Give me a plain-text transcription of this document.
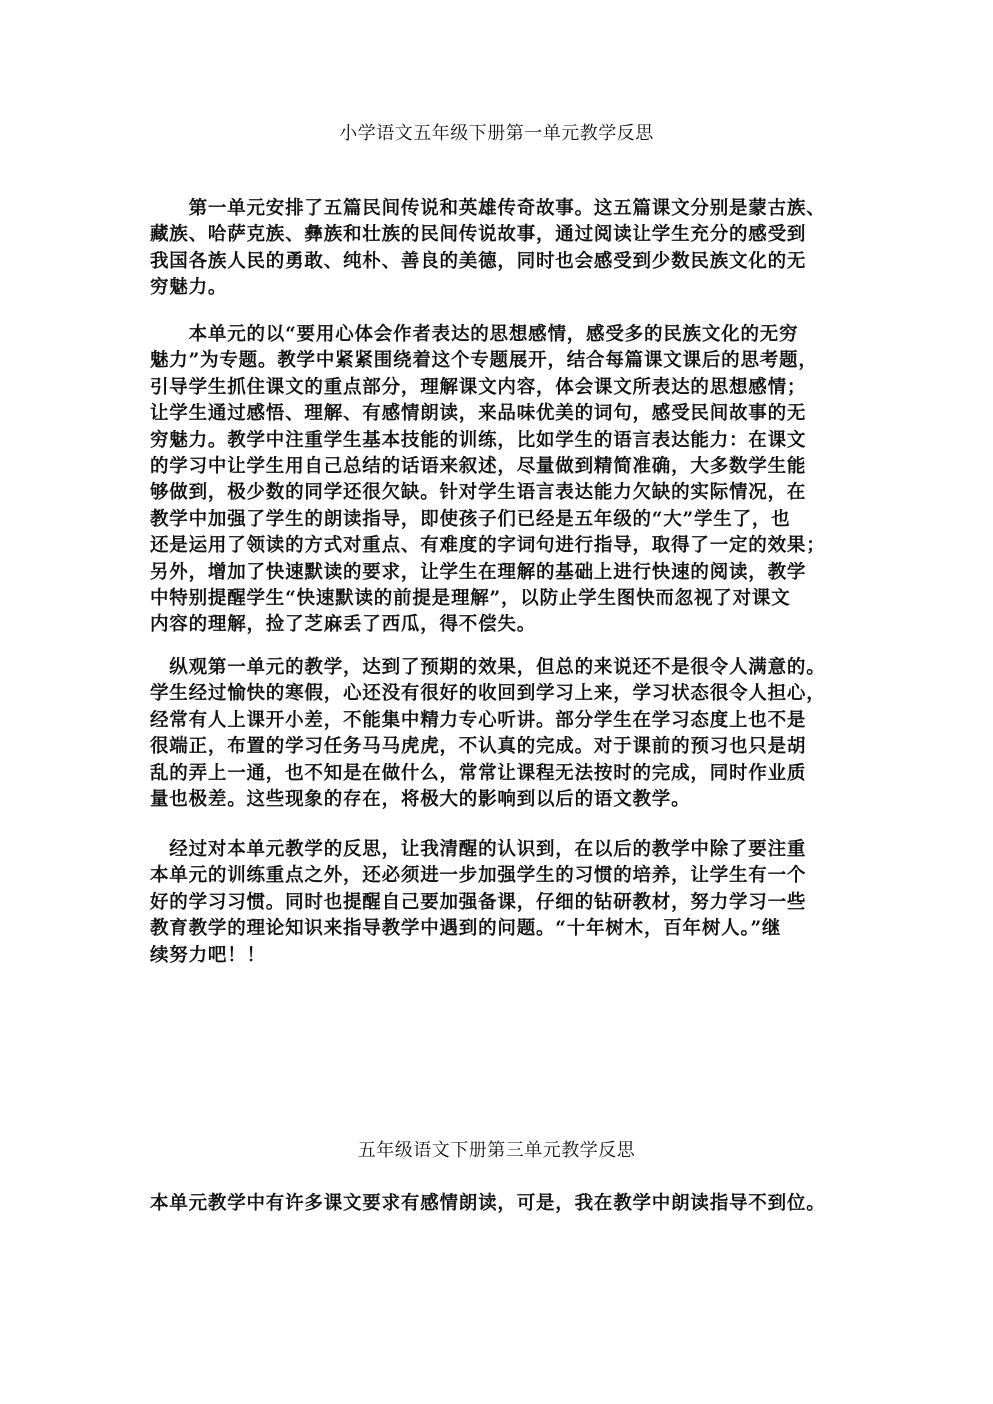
小学语文五年级下册第一单元教学反思

　　第一单元安排了五篇民间传说和英雄传奇故事。这五篇课文分别是蒙古族、
藏族、哈萨克族、彝族和壮族的民间传说故事，通过阅读让学生充分的感受到
我国各族人民的勇敢、纯朴、善良的美德，同时也会感受到少数民族文化的无
穷魅力。

　　本单元的以“要用心体会作者表达的思想感情，感受多的民族文化的无穷
魅力”为专题。教学中紧紧围绕着这个专题展开，结合每篇课文课后的思考题，
引导学生抓住课文的重点部分，理解课文内容，体会课文所表达的思想感情；
让学生通过感悟、理解、有感情朗读，来品味优美的词句，感受民间故事的无
穷魅力。教学中注重学生基本技能的训练，比如学生的语言表达能力：在课文
的学习中让学生用自己总结的话语来叙述，尽量做到精简准确，大多数学生能
够做到，极少数的同学还很欠缺。针对学生语言表达能力欠缺的实际情况，在
教学中加强了学生的朗读指导，即使孩子们已经是五年级的“大”学生了，也
还是运用了领读的方式对重点、有难度的字词句进行指导，取得了一定的效果；
另外，增加了快速默读的要求，让学生在理解的基础上进行快速的阅读，教学
中特别提醒学生“快速默读的前提是理解”，以防止学生图快而忽视了对课文
内容的理解，捡了芝麻丢了西瓜，得不偿失。

　纵观第一单元的教学，达到了预期的效果，但总的来说还不是很令人满意的。
学生经过愉快的寒假，心还没有很好的收回到学习上来，学习状态很令人担心，
经常有人上课开小差，不能集中精力专心听讲。部分学生在学习态度上也不是
很端正，布置的学习任务马马虎虎，不认真的完成。对于课前的预习也只是胡
乱的弄上一通，也不知是在做什么，常常让课程无法按时的完成，同时作业质
量也极差。这些现象的存在，将极大的影响到以后的语文教学。

　经过对本单元教学的反思，让我清醒的认识到，在以后的教学中除了要注重
本单元的训练重点之外，还必须进一步加强学生的习惯的培养，让学生有一个
好的学习习惯。同时也提醒自己要加强备课，仔细的钻研教材，努力学习一些
教育教学的理论知识来指导教学中遇到的问题。“十年树木，百年树人。”继
续努力吧！！

五年级语文下册第三单元教学反思

本单元教学中有许多课文要求有感情朗读，可是，我在教学中朗读指导不到位。
